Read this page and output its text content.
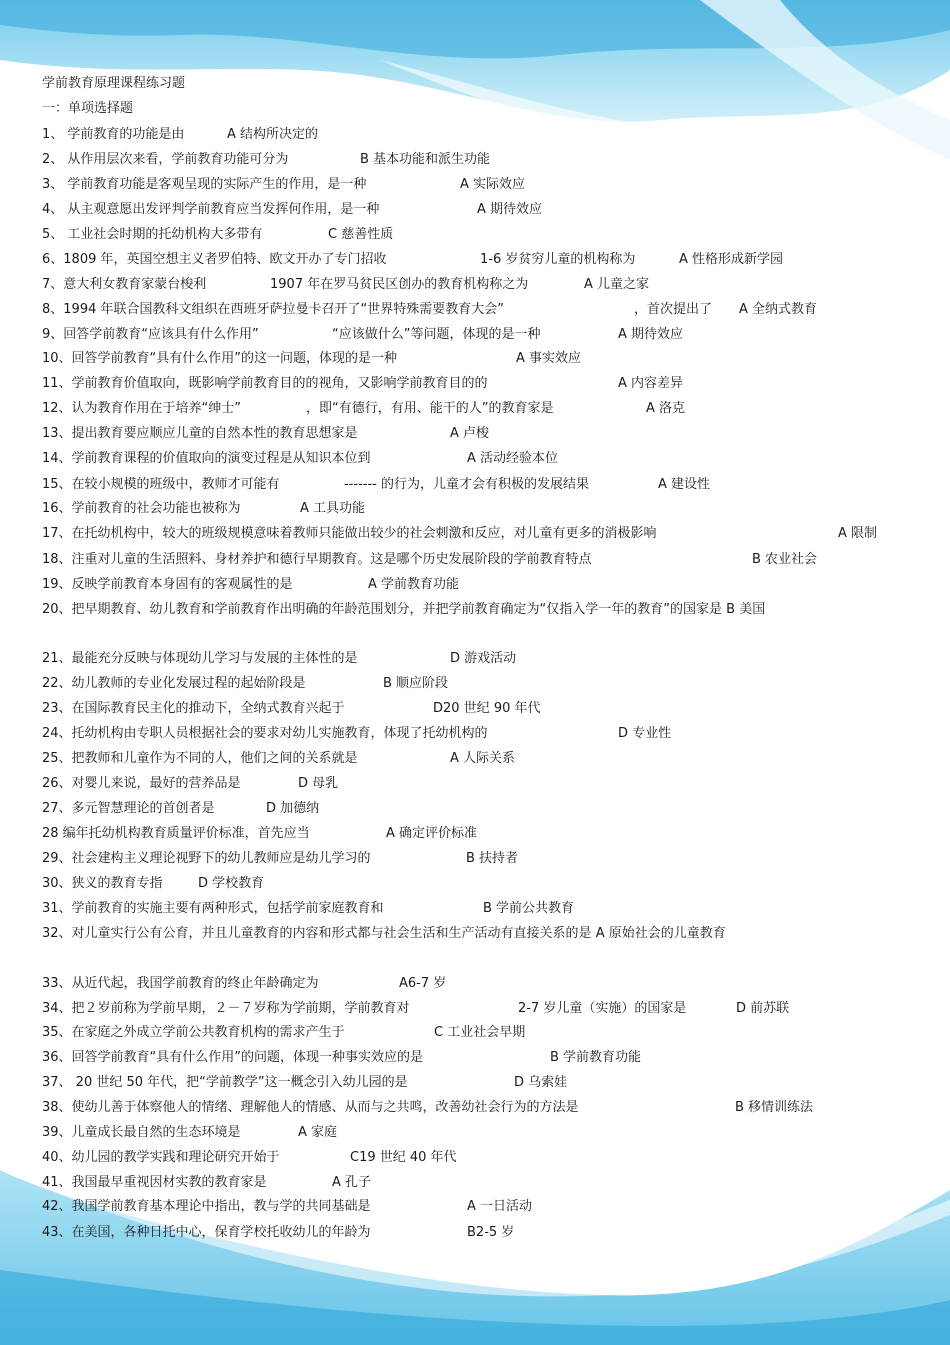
学前教育原理课程练习题
一：单项选择题
1、 学前教育的功能是由	A 结构所决定的
2、 从作用层次来看，学前教育功能可分为	B 基本功能和派生功能
3、 学前教育功能是客观呈现的实际产生的作用，是一种	A 实际效应
4、 从主观意愿出发评判学前教育应当发挥何作用，是一种	A 期待效应
5、 工业社会时期的托幼机构大多带有	C 慈善性质
6、1809 年，英国空想主义者罗伯特、欧文开办了专门招收	1-6 岁贫穷儿童的机构称为	A 性格形成新学园
7、意大利女教育家蒙台梭利	1907 年在罗马贫民区创办的教育机构称之为	A 儿童之家
8、1994 年联合国教科文组织在西班牙萨拉曼卡召开了“世界特殊需要教育大会”	，首次提出了 A 全纳式教育
9、回答学前教育“应该具有什么作用”	“应该做什么”等问题，体现的是一种	A 期待效应
10、回答学前教育“具有什么作用”的这一问题，体现的是一种	A 事实效应
11、学前教育价值取向，既影响学前教育目的的视角，又影响学前教育目的的	A 内容差异
12、认为教育作用在于培养“绅士”	，即“有德行，有用、能干的人”的教育家是	A 洛克
13、提出教育要应顺应儿童的自然本性的教育思想家是	A 卢梭
14、学前教育课程的价值取向的演变过程是从知识本位到	A 活动经验本位
15、在较小规模的班级中，教师才可能有	------- 的行为，儿童才会有积极的发展结果	A 建设性
16、学前教育的社会功能也被称为	A 工具功能
17、在托幼机构中，较大的班级规模意味着教师只能做出较少的社会刺激和反应，对儿童有更多的消极影响	A 限制
18、注重对儿童的生活照料、身材养护和德行早期教育。这是哪个历史发展阶段的学前教育特点	B 农业社会
19、反映学前教育本身固有的客观属性的是	A 学前教育功能
20、把早期教育、幼儿教育和学前教育作出明确的年龄范围划分，并把学前教育确定为“仅指入学一年的教育”的国家是 B 美国
21、最能充分反映与体现幼儿学习与发展的主体性的是	D 游戏活动
22、幼儿教师的专业化发展过程的起始阶段是	B 顺应阶段
23、在国际教育民主化的推动下，全纳式教育兴起于	D20 世纪 90 年代
24、托幼机构由专职人员根据社会的要求对幼儿实施教育，体现了托幼机构的	D 专业性
25、把教师和儿童作为不同的人，他们之间的关系就是	A 人际关系
26、对婴儿来说，最好的营养品是	D 母乳
27、多元智慧理论的首创者是	D 加德纳
28 编年托幼机构教育质量评价标准，首先应当	A 确定评价标准
29、社会建构主义理论视野下的幼儿教师应是幼儿学习的	B 扶持者
30、狭义的教育专指	D 学校教育
31、学前教育的实施主要有两种形式，包括学前家庭教育和	B 学前公共教育
32、对儿童实行公有公育，并且儿童教育的内容和形式都与社会生活和生产活动有直接关系的是 A 原始社会的儿童教育
33、从近代起，我国学前教育的终止年龄确定为	A6-7 岁
34、把２岁前称为学前早期，２－７岁称为学前期，学前教育对	2-7 岁儿童（实施）的国家是	D 前苏联
35、在家庭之外成立学前公共教育机构的需求产生于	C 工业社会早期
36、回答学前教育“具有什么作用”的问题，体现一种事实效应的是	B 学前教育功能
37、 20 世纪 50 年代，把“学前教学”这一概念引入幼儿园的是	D 乌索娃
38、使幼儿善于体察他人的情绪、理解他人的情感、从而与之共鸣，改善幼社会行为的方法是	B 移情训练法
39、儿童成长最自然的生态环境是	A 家庭
40、幼儿园的教学实践和理论研究开始于	C19 世纪 40 年代
41、我国最早重视因材实教的教育家是	A 孔子
42、我国学前教育基本理论中指出，教与学的共同基础是	A 一日活动
43、在美国，各种日托中心，保育学校托收幼儿的年龄为	B2-5 岁
